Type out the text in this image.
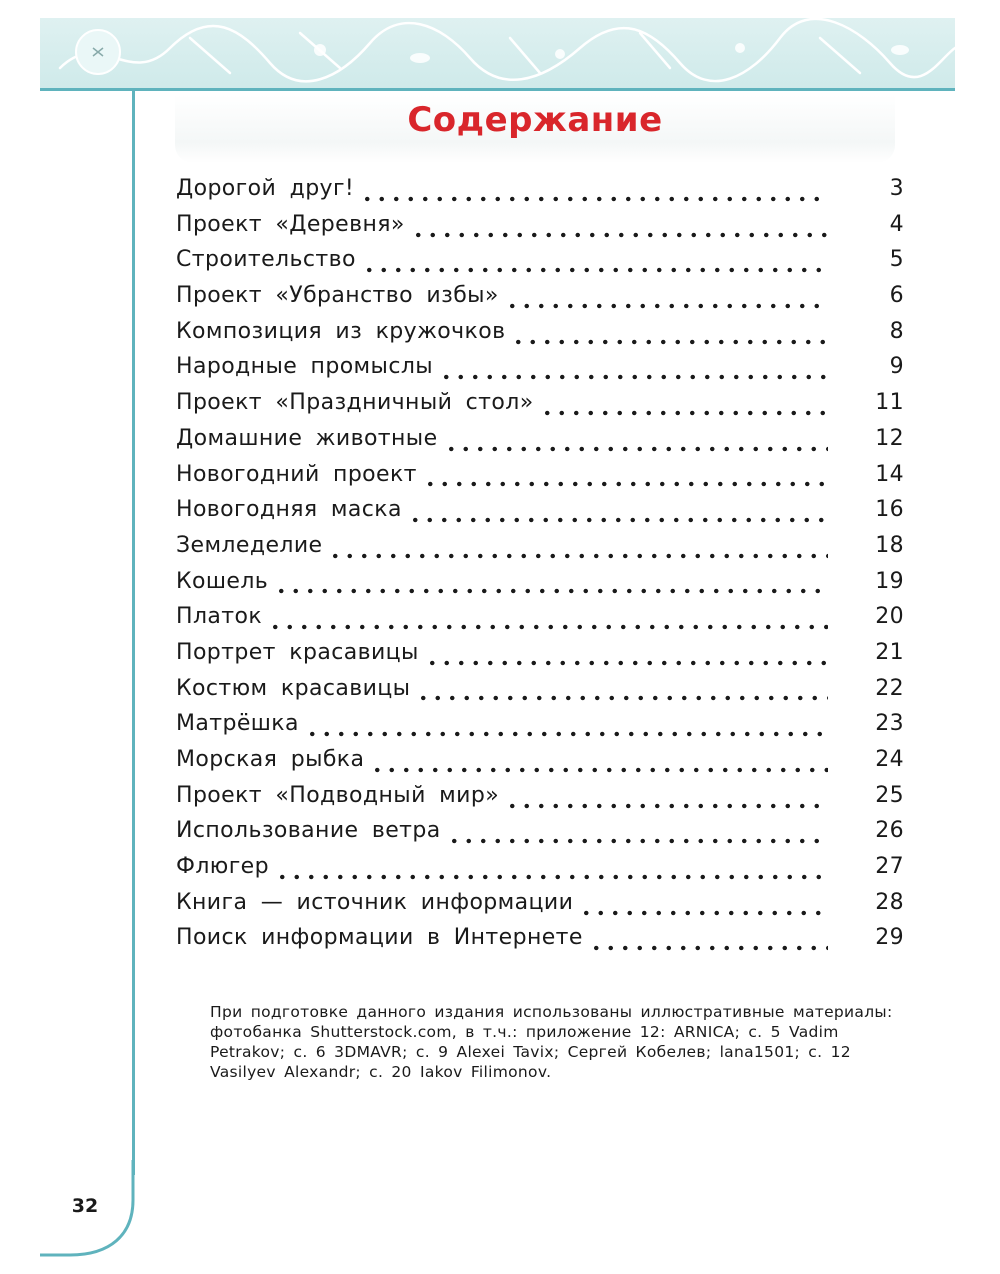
Содержание
Дорогой друг!	3
Проект «Деревня»	4
Строительство	5
Проект «Убранство избы»	6
Композиция из кружочков	8
Народные промыслы	9
Проект «Праздничный стол»	11
Домашние животные	12
Новогодний проект	14
Новогодняя маска	16
Земледелие	18
Кошель	19
Платок	20
Портрет красавицы	21
Костюм красавицы	22
Матрёшка	23
Морская рыбка	24
Проект «Подводный мир»	25
Использование ветра	26
Флюгер	27
Книга — источник информации	28
Поиск информации в Интернете	29

При подготовке данного издания использованы иллюстративные материалы:

фотобанка Shutterstock.com, в т.ч.: приложение 12: ARNICA; с. 5 Vadim Petrakov; с. 6 3DMAVR; с. 9 Alexei Tavix; Сергей Кобелев; lana1501; с. 12 Vasilyev Alexandr; с. 20 Iakov Filimonov.

32
